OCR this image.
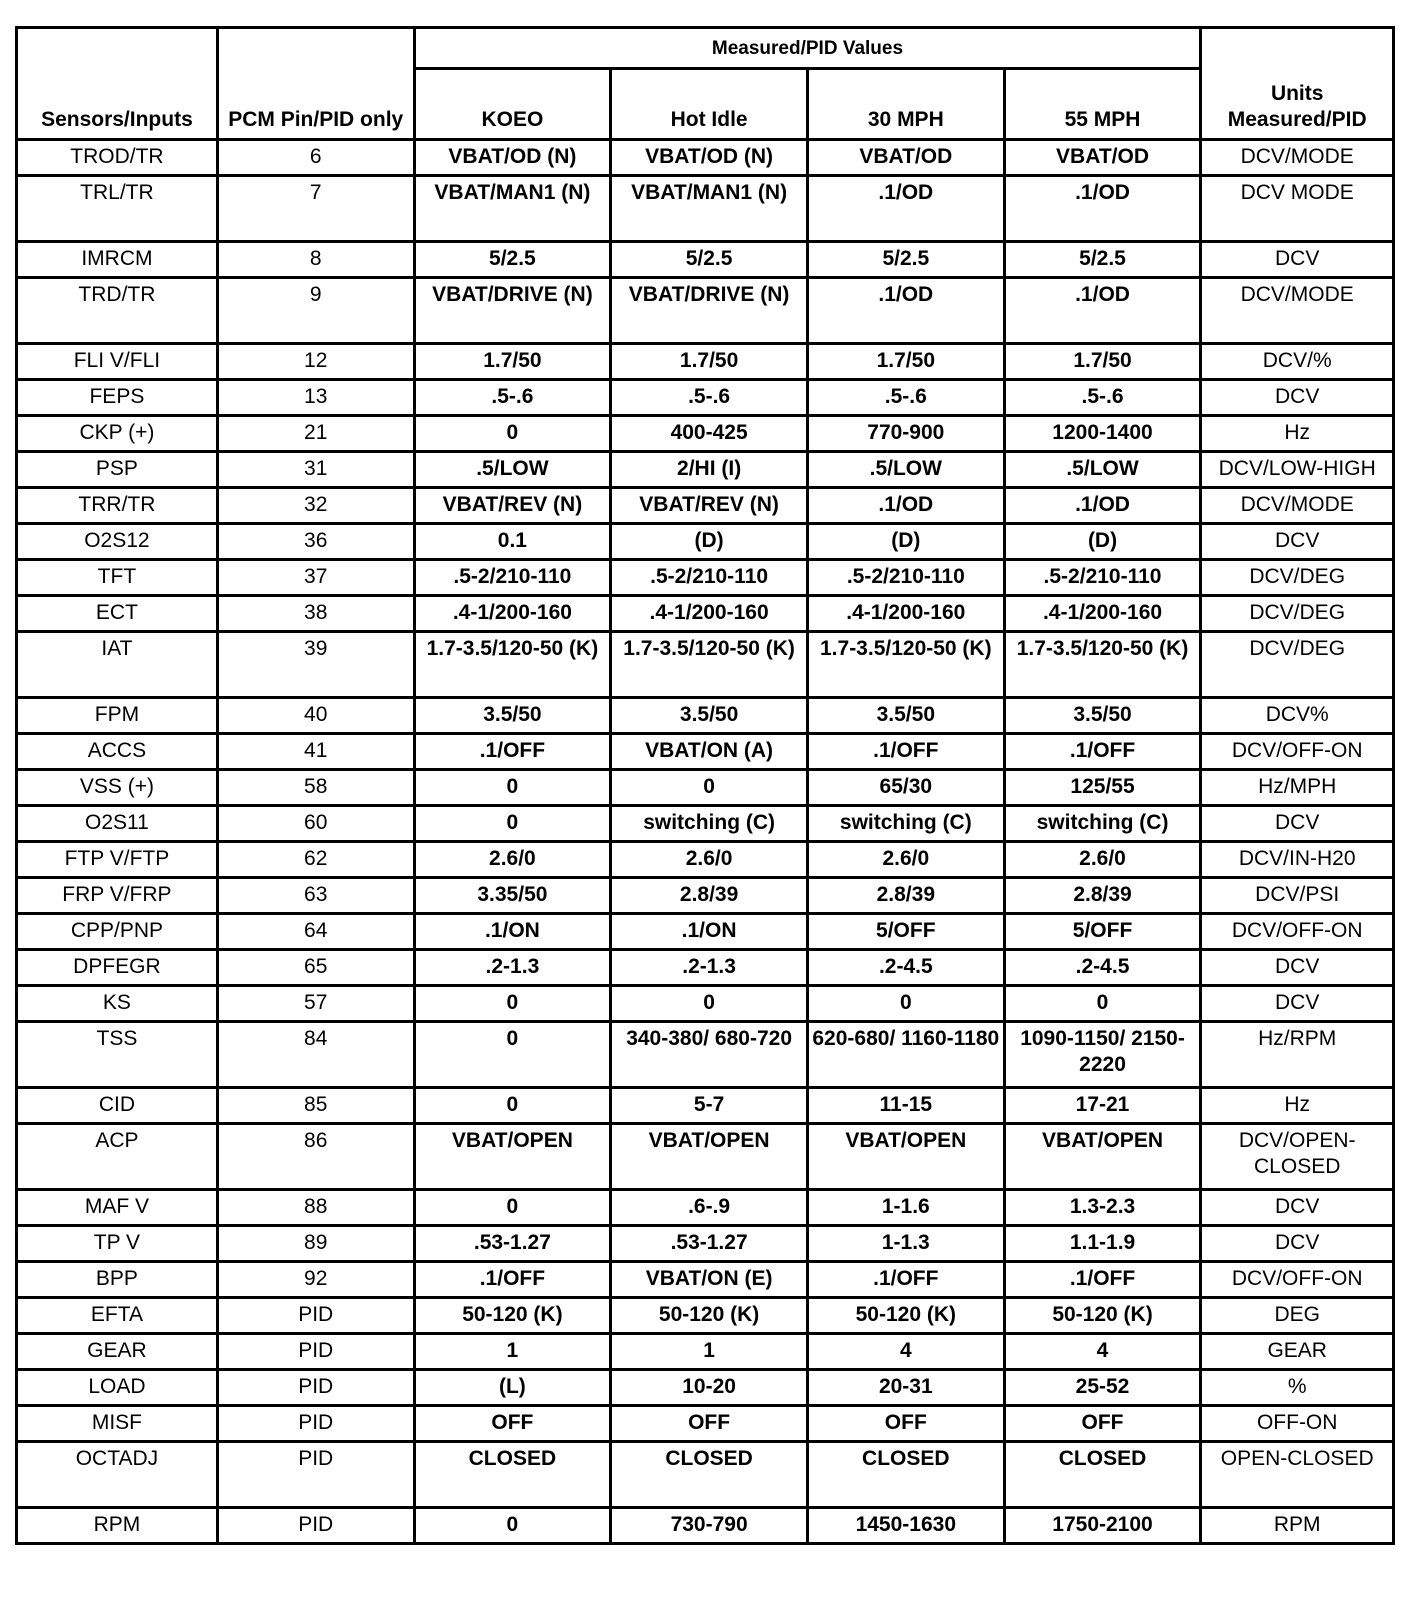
Sensors/Inputs	PCM Pin/PID only	Measured/PID Values				Units Measured/PID
		KOEO	Hot Idle	30 MPH	55 MPH	
TROD/TR	6	VBAT/OD (N)	VBAT/OD (N)	VBAT/OD	VBAT/OD	DCV/MODE
TRL/TR	7	VBAT/MAN1 (N)	VBAT/MAN1 (N)	.1/OD	.1/OD	DCV MODE
IMRCM	8	5/2.5	5/2.5	5/2.5	5/2.5	DCV
TRD/TR	9	VBAT/DRIVE (N)	VBAT/DRIVE (N)	.1/OD	.1/OD	DCV/MODE
FLI V/FLI	12	1.7/50	1.7/50	1.7/50	1.7/50	DCV/%
FEPS	13	.5-.6	.5-.6	.5-.6	.5-.6	DCV
CKP (+)	21	0	400-425	770-900	1200-1400	Hz
PSP	31	.5/LOW	2/HI (I)	.5/LOW	.5/LOW	DCV/LOW-HIGH
TRR/TR	32	VBAT/REV (N)	VBAT/REV (N)	.1/OD	.1/OD	DCV/MODE
O2S12	36	0.1	(D)	(D)	(D)	DCV
TFT	37	.5-2/210-110	.5-2/210-110	.5-2/210-110	.5-2/210-110	DCV/DEG
ECT	38	.4-1/200-160	.4-1/200-160	.4-1/200-160	.4-1/200-160	DCV/DEG
IAT	39	1.7-3.5/120-50 (K)	1.7-3.5/120-50 (K)	1.7-3.5/120-50 (K)	1.7-3.5/120-50 (K)	DCV/DEG
FPM	40	3.5/50	3.5/50	3.5/50	3.5/50	DCV%
ACCS	41	.1/OFF	VBAT/ON (A)	.1/OFF	.1/OFF	DCV/OFF-ON
VSS (+)	58	0	0	65/30	125/55	Hz/MPH
O2S11	60	0	switching (C)	switching (C)	switching (C)	DCV
FTP V/FTP	62	2.6/0	2.6/0	2.6/0	2.6/0	DCV/IN-H20
FRP V/FRP	63	3.35/50	2.8/39	2.8/39	2.8/39	DCV/PSI
CPP/PNP	64	.1/ON	.1/ON	5/OFF	5/OFF	DCV/OFF-ON
DPFEGR	65	.2-1.3	.2-1.3	.2-4.5	.2-4.5	DCV
KS	57	0	0	0	0	DCV
TSS	84	0	340-380/ 680-720	620-680/ 1160-1180	1090-1150/ 2150-2220	Hz/RPM
CID	85	0	5-7	11-15	17-21	Hz
ACP	86	VBAT/OPEN	VBAT/OPEN	VBAT/OPEN	VBAT/OPEN	DCV/OPEN-CLOSED
MAF V	88	0	.6-.9	1-1.6	1.3-2.3	DCV
TP V	89	.53-1.27	.53-1.27	1-1.3	1.1-1.9	DCV
BPP	92	.1/OFF	VBAT/ON (E)	.1/OFF	.1/OFF	DCV/OFF-ON
EFTA	PID	50-120 (K)	50-120 (K)	50-120 (K)	50-120 (K)	DEG
GEAR	PID	1	1	4	4	GEAR
LOAD	PID	(L)	10-20	20-31	25-52	%
MISF	PID	OFF	OFF	OFF	OFF	OFF-ON
OCTADJ	PID	CLOSED	CLOSED	CLOSED	CLOSED	OPEN-CLOSED
RPM	PID	0	730-790	1450-1630	1750-2100	RPM
